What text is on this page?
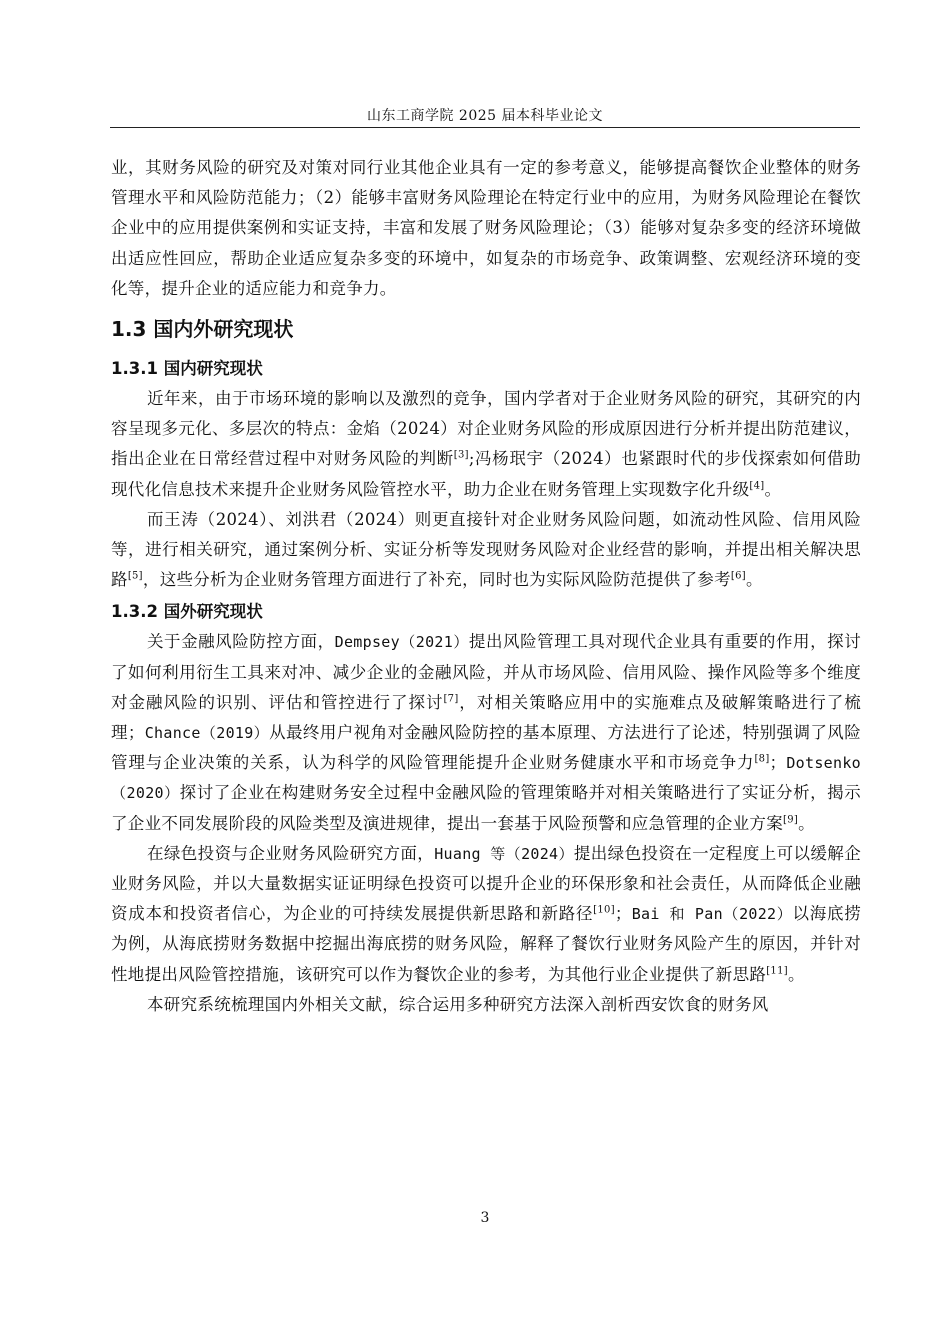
山东工商学院 2025 届本科毕业论文

业，其财务风险的研究及对策对同行业其他企业具有一定的参考意义，能够提高餐饮企业整体的财务管理水平和风险防范能力；（2）能够丰富财务风险理论在特定行业中的应用，为财务风险理论在餐饮企业中的应用提供案例和实证支持，丰富和发展了财务风险理论；（3）能够对复杂多变的经济环境做出适应性回应，帮助企业适应复杂多变的环境中，如复杂的市场竞争、政策调整、宏观经济环境的变化等，提升企业的适应能力和竞争力。

1.3 国内外研究现状
1.3.1 国内研究现状

近年来，由于市场环境的影响以及激烈的竞争，国内学者对于企业财务风险的研究，其研究的内容呈现多元化、多层次的特点：金焰（2024）对企业财务风险的形成原因进行分析并提出防范建议，指出企业在日常经营过程中对财务风险的判断[3];冯杨珉宇（2024）也紧跟时代的步伐探索如何借助现代化信息技术来提升企业财务风险管控水平，助力企业在财务管理上实现数字化升级[4]。

而王涛（2024）、刘洪君（2024）则更直接针对企业财务风险问题，如流动性风险、信用风险等，进行相关研究，通过案例分析、实证分析等发现财务风险对企业经营的影响，并提出相关解决思路[5]，这些分析为企业财务管理方面进行了补充，同时也为实际风险防范提供了参考[6]。

1.3.2 国外研究现状

关于金融风险防控方面，Dempsey（2021）提出风险管理工具对现代企业具有重要的作用，探讨了如何利用衍生工具来对冲、减少企业的金融风险，并从市场风险、信用风险、操作风险等多个维度对金融风险的识别、评估和管控进行了探讨[7]，对相关策略应用中的实施难点及破解策略进行了梳理；Chance（2019）从最终用户视角对金融风险防控的基本原理、方法进行了论述，特别强调了风险管理与企业决策的关系，认为科学的风险管理能提升企业财务健康水平和市场竞争力[8]；Dotsenko（2020）探讨了企业在构建财务安全过程中金融风险的管理策略并对相关策略进行了实证分析，揭示了企业不同发展阶段的风险类型及演进规律，提出一套基于风险预警和应急管理的企业方案[9]。

在绿色投资与企业财务风险研究方面，Huang 等（2024）提出绿色投资在一定程度上可以缓解企业财务风险，并以大量数据实证证明绿色投资可以提升企业的环保形象和社会责任，从而降低企业融资成本和投资者信心，为企业的可持续发展提供新思路和新路径[10]；Bai 和 Pan（2022）以海底捞为例，从海底捞财务数据中挖掘出海底捞的财务风险，解释了餐饮行业财务风险产生的原因，并针对性地提出风险管控措施，该研究可以作为餐饮企业的参考，为其他行业企业提供了新思路[11]。

本研究系统梳理国内外相关文献，综合运用多种研究方法深入剖析西安饮食的财务风

3
